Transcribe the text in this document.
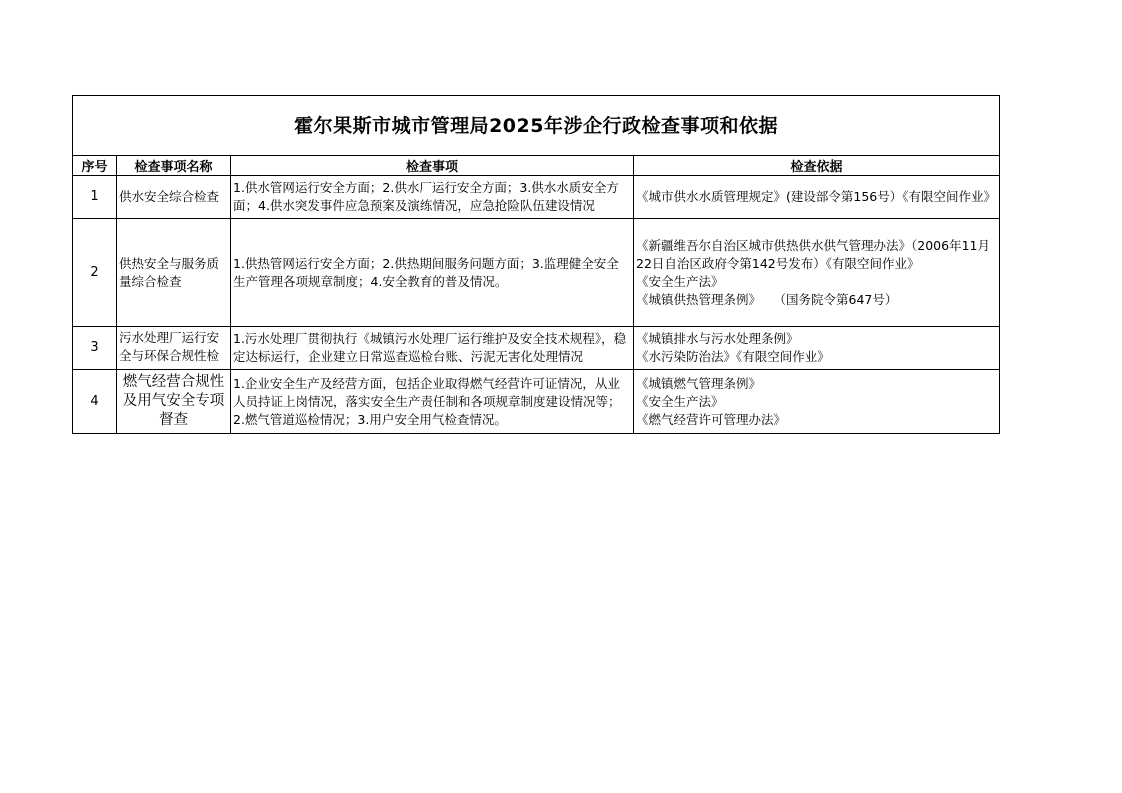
霍尔果斯市城市管理局2025年涉企行政检查事项和依据			
序号	检查事项名称	检查事项	检查依据
1	供水安全综合检查	1.供水管网运行安全方面；2.供水厂运行安全方面；3.供水水质安全方面；4.供水突发事件应急预案及演练情况，应急抢险队伍建设情况	《城市供水水质管理规定》(建设部令第156号）《有限空间作业》

2	供热安全与服务质量综合检查	1.供热管网运行安全方面；2.供热期间服务问题方面；3.监理健全安全生产管理各项规章制度；4.安全教育的普及情况。	《新疆维吾尔自治区城市供热供水供气管理办法》（2006年11月22日自治区政府令第142号发布）《有限空间作业》
《安全生产法》
《城镇供热管理条例》　　（国务院令第647号）

3	污水处理厂运行安全与环保合规性检	1.污水处理厂贯彻执行《城镇污水处理厂运行维护及安全技术规程》，稳定达标运行，企业建立日常巡查巡检台账、污泥无害化处理情况	《城镇排水与污水处理条例》
《水污染防治法》《有限空间作业》

4	燃气经营合规性及用气安全专项督查	1.企业安全生产及经营方面，包括企业取得燃气经营许可证情况，从业人员持证上岗情况，落实安全生产责任制和各项规章制度建设情况等；2.燃气管道巡检情况；3.用户安全用气检查情况。	《城镇燃气管理条例》
《安全生产法》
《燃气经营许可管理办法》
